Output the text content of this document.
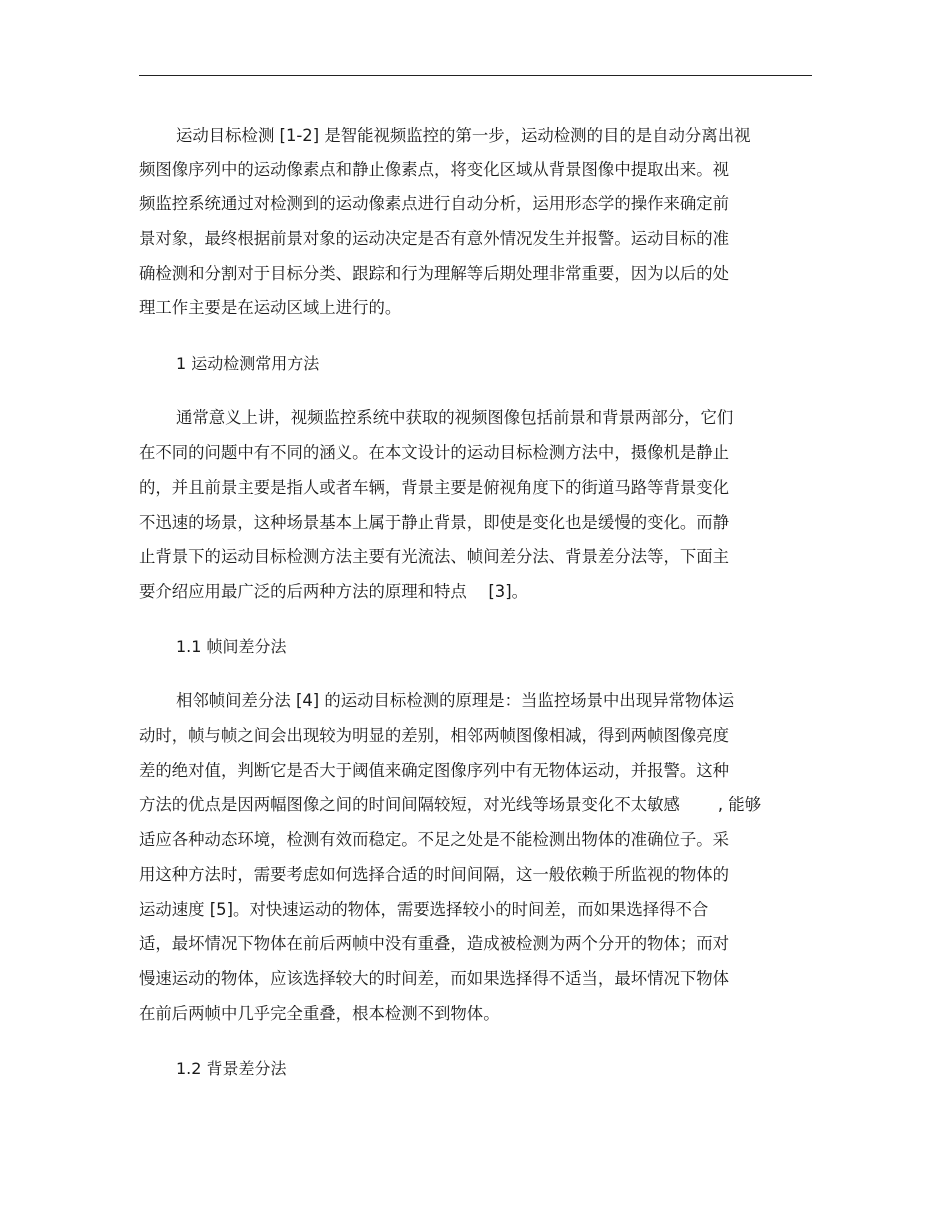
运动目标检测 [1-2] 是智能视频监控的第一步，运动检测的目的是自动分离出视
频图像序列中的运动像素点和静止像素点，将变化区域从背景图像中提取出来。视
频监控系统通过对检测到的运动像素点进行自动分析，运用形态学的操作来确定前
景对象，最终根据前景对象的运动决定是否有意外情况发生并报警。运动目标的准
确检测和分割对于目标分类、跟踪和行为理解等后期处理非常重要，因为以后的处
理工作主要是在运动区域上进行的。
1 运动检测常用方法
通常意义上讲，视频监控系统中获取的视频图像包括前景和背景两部分，它们
在不同的问题中有不同的涵义。在本文设计的运动目标检测方法中，摄像机是静止
的，并且前景主要是指人或者车辆，背景主要是俯视角度下的街道马路等背景变化
不迅速的场景，这种场景基本上属于静止背景，即使是变化也是缓慢的变化。而静
止背景下的运动目标检测方法主要有光流法、帧间差分法、背景差分法等，下面主
要介绍应用最广泛的后两种方法的原理和特点　 [3]。
1.1 帧间差分法
相邻帧间差分法 [4] 的运动目标检测的原理是：当监控场景中出现异常物体运
动时，帧与帧之间会出现较为明显的差别，相邻两帧图像相减，得到两帧图像亮度
差的绝对值，判断它是否大于阈值来确定图像序列中有无物体运动，并报警。这种
方法的优点是因两幅图像之间的时间间隔较短，对光线等场景变化不太敏感　　 , 能够
适应各种动态环境，检测有效而稳定。不足之处是不能检测出物体的准确位子。采
用这种方法时，需要考虑如何选择合适的时间间隔，这一般依赖于所监视的物体的
运动速度 [5]。对快速运动的物体，需要选择较小的时间差，而如果选择得不合
适，最坏情况下物体在前后两帧中没有重叠，造成被检测为两个分开的物体；而对
慢速运动的物体，应该选择较大的时间差，而如果选择得不适当，最坏情况下物体
在前后两帧中几乎完全重叠，根本检测不到物体。
1.2 背景差分法
